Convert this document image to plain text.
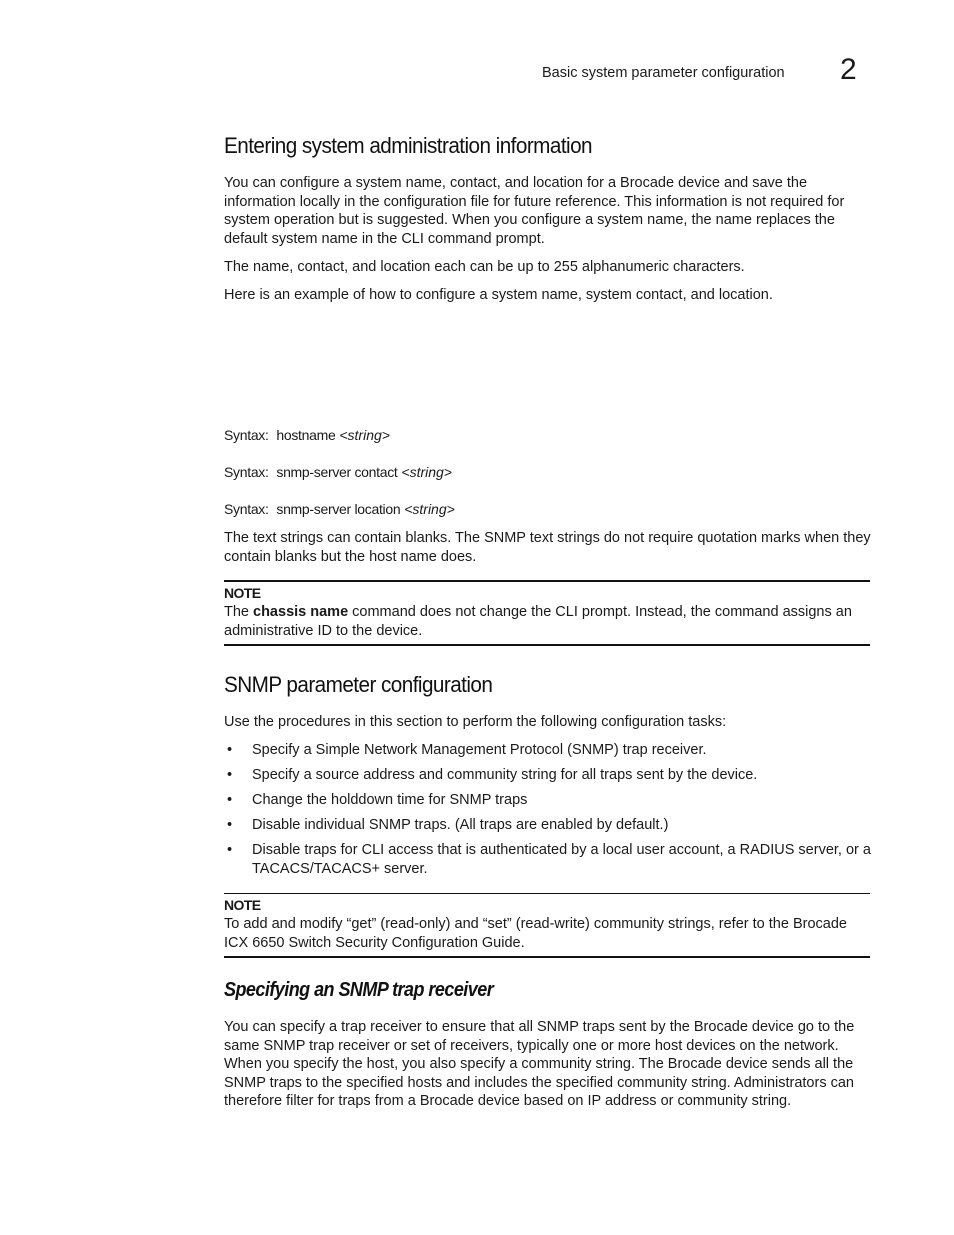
Basic system parameter configuration 2
Entering system administration information

You can configure a system name, contact, and location for a Brocade device and save the information locally in the configuration file for future reference. This information is not required for system operation but is suggested. When you configure a system name, the name replaces the default system name in the CLI command prompt.

The name, contact, and location each can be up to 255 alphanumeric characters.

Here is an example of how to configure a system name, system contact, and location.

Syntax: hostname <string>
Syntax: snmp-server contact <string>
Syntax: snmp-server location <string>

The text strings can contain blanks. The SNMP text strings do not require quotation marks when they contain blanks but the host name does.

NOTE

The chassis name command does not change the CLI prompt. Instead, the command assigns an administrative ID to the device.

SNMP parameter configuration

Use the procedures in this section to perform the following configuration tasks:

• Specify a Simple Network Management Protocol (SNMP) trap receiver.
• Specify a source address and community string for all traps sent by the device.
• Change the holddown time for SNMP traps
• Disable individual SNMP traps. (All traps are enabled by default.)
• Disable traps for CLI access that is authenticated by a local user account, a RADIUS server, or a TACACS/TACACS+ server.
NOTE

To add and modify “get” (read-only) and “set” (read-write) community strings, refer to the Brocade ICX 6650 Switch Security Configuration Guide.

Specifying an SNMP trap receiver

You can specify a trap receiver to ensure that all SNMP traps sent by the Brocade device go to the same SNMP trap receiver or set of receivers, typically one or more host devices on the network. When you specify the host, you also specify a community string. The Brocade device sends all the SNMP traps to the specified hosts and includes the specified community string. Administrators can therefore filter for traps from a Brocade device based on IP address or community string.
